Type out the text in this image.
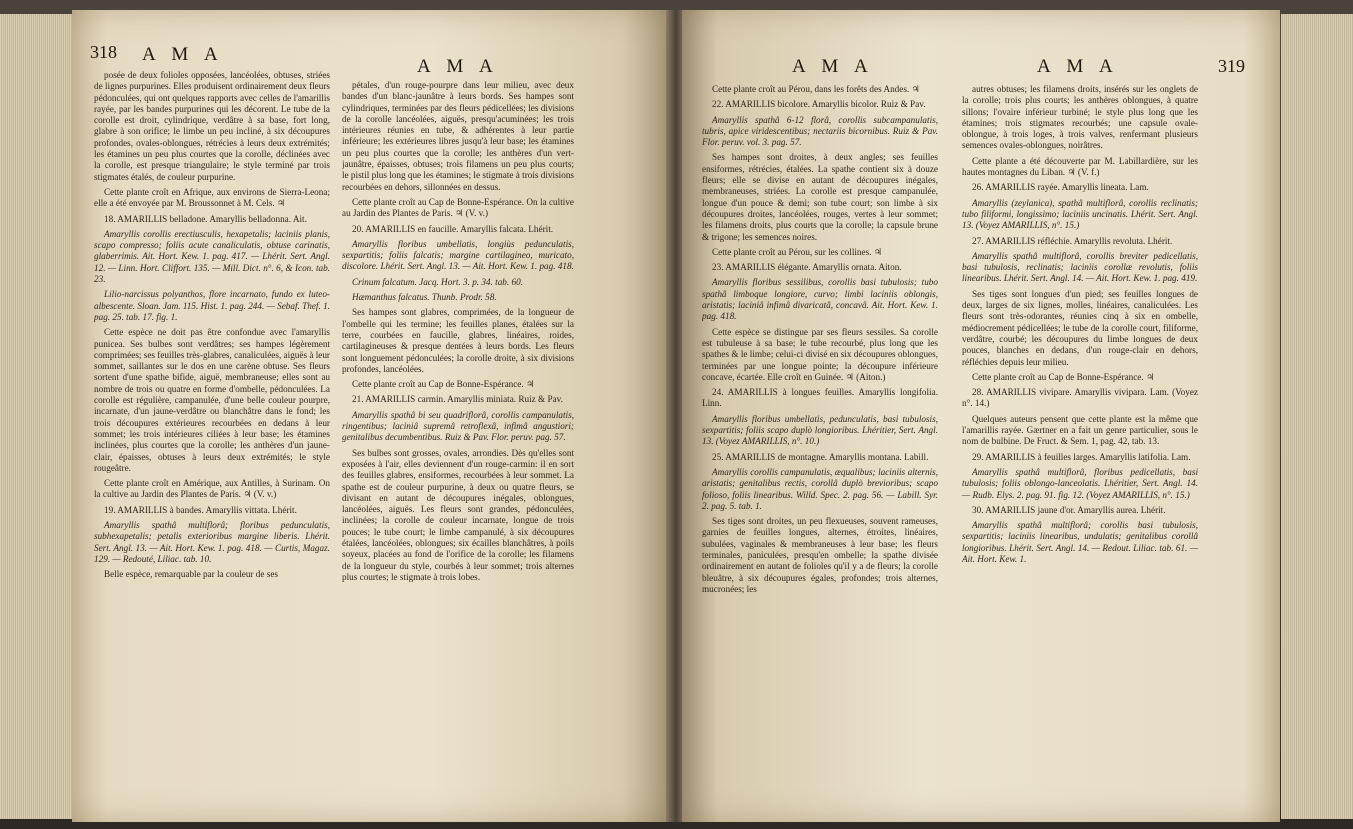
318 A M A
A M A

posée de deux folioles opposées, lancéolées, obtuses, striées de lignes purpurines. Elles produisent ordinairement deux fleurs pédonculées, qui ont quelques rapports avec celles de l'amarillis rayée, par les bandes purpurines qui les décorent. Le tube de la corolle est droit, cylindrique, verdâtre à sa base, fort long, glabre à son orifice; le limbe un peu incliné, à six découpures profondes, ovales-oblongues, rétrécies à leurs deux extrémités; les étamines un peu plus courtes que la corolle, déclinées avec la corolle, est presque triangulaire; le style terminé par trois stigmates étalés, de couleur purpurine.

Cette plante croît en Afrique, aux environs de Sierra-Leona; elle a été envoyée par M. Broussonnet à M. Cels. ♃

18. AMARILLIS belladone. Amaryllis belladonna. Ait.

Amaryllis corollis erectiusculis, hexapetalis; laciniis planis, scapo compresso; foliis acute canaliculatis, obtuse carinatis, glaberrimis. Ait. Hort. Kew. 1. pag. 417. — Lhérit. Sert. Angl. 12. — Linn. Hort. Cliffort. 135. — Mill. Dict. n°. 6, & Icon. tab. 23.

Lilio-narcissus polyanthos, flore incarnato, fundo ex luteo-albescente. Sloan. Jam. 115. Hist. 1. pag. 244. — Sebaf. Thef. 1. pag. 25. tab. 17. fig. 1.

Cette espèce ne doit pas être confondue avec l'amaryllis punicea. Ses bulbes sont verdâtres; ses hampes légèrement comprimées; ses feuilles très-glabres, canaliculées, aiguës à leur sommet, saillantes sur le dos en une carène obtuse. Ses fleurs sortent d'une spathe bifide, aiguë, membraneuse; elles sont au nombre de trois ou quatre en forme d'ombelle, pédonculées. La corolle est régulière, campanulée, d'une belle couleur pourpre, incarnate, d'un jaune-verdâtre ou blanchâtre dans le fond; les trois découpures extérieures recourbées en dedans à leur sommet; les trois intérieures ciliées à leur base; les étamines inclinées, plus courtes que la corolle; les anthères d'un jaune-clair, épaisses, obtuses à leurs deux extrémités; le style rougeâtre.

Cette plante croît en Amérique, aux Antilles, à Surinam. On la cultive au Jardin des Plantes de Paris. ♃ (V. v.)

19. AMARILLIS à bandes. Amaryllis vittata. Lhérit.

Amaryllis spathâ multiflorâ; floribus pedunculatis, subhexapetalis; petalis exterioribus margine liberis. Lhérit. Sert. Angl. 13. — Ait. Hort. Kew. 1. pag. 418. — Curtis, Magaz. 129. — Redouté, Liliac. tab. 10.

Belle espèce, remarquable par la couleur de ses

pétales, d'un rouge-pourpre dans leur milieu, avec deux bandes d'un blanc-jaunâtre à leurs bords. Ses hampes sont cylindriques, terminées par des fleurs pédicellées; les divisions de la corolle lancéolées, aiguës, presqu'acuminées; les trois intérieures réunies en tube, & adhérentes à leur partie inférieure; les extérieures libres jusqu'à leur base; les étamines un peu plus courtes que la corolle; les anthères d'un vert-jaunâtre, épaisses, obtuses; trois filamens un peu plus courts; le pistil plus long que les étamines; le stigmate à trois divisions recourbées en dehors, sillonnées en dessus.

Cette plante croît au Cap de Bonne-Espérance. On la cultive au Jardin des Plantes de Paris. ♃ (V. v.)

20. AMARILLIS en faucille. Amaryllis falcata. Lhérit.

Amaryllis floribus umbellatis, longiùs pedunculatis, sexpartitis; foliis falcatis; margine cartilagineo, muricato, discolore. Lhérit. Sert. Angl. 13. — Ait. Hort. Kew. 1. pag. 418.

Crinum falcatum. Jacq. Hort. 3. p. 34. tab. 60.

Hæmanthus falcatus. Thunb. Prodr. 58.

Ses hampes sont glabres, comprimées, de la longueur de l'ombelle qui les termine; les feuilles planes, étalées sur la terre, courbées en faucille, glabres, linéaires, roides, cartilagineuses & presque dentées à leurs bords. Les fleurs sont longuement pédonculées; la corolle droite, à six divisions profondes, lancéolées.

Cette plante croît au Cap de Bonne-Espérance. ♃

21. AMARILLIS carmin. Amaryllis miniata. Ruiz & Pav.

Amaryllis spathâ bi seu quadriflorâ, corollis campanulatis, ringentibus; laciniâ supremâ retroflexâ, infimâ angustiori; genitalibus decumbentibus. Ruiz & Pav. Flor. peruv. pag. 57.

Ses bulbes sont grosses, ovales, arrondies. Dès qu'elles sont exposées à l'air, elles deviennent d'un rouge-carmin: il en sort des feuilles glabres, ensiformes, recourbées à leur sommet. La spathe est de couleur purpurine, à deux ou quatre fleurs, se divisant en autant de découpures inégales, oblongues, lancéolées, aiguës. Les fleurs sont grandes, pédonculées, inclinées; la corolle de couleur incarnate, longue de trois pouces; le tube court; le limbe campanulé, à six découpures étalées, lancéolées, oblongues; six écailles blanchâtres, à poils soyeux, placées au fond de l'orifice de la corolle; les filamens de la longueur du style, courbés à leur sommet; trois alternes plus courtes; le stigmate à trois lobes.

A M A	A M A	319

Cette plante croît au Pérou, dans les forêts des Andes. ♃

22. AMARILLIS bicolore. Amaryllis bicolor. Ruiz & Pav.

Amaryllis spathâ 6-12 florâ, corollis subcampanulatis, tubris, apice viridescentibus; nectariis bicornibus. Ruiz & Pav. Flor. peruv. vol. 3. pag. 57.

Ses hampes sont droites, à deux angles; ses feuilles ensiformes, rétrécies, étalées. La spathe contient six à douze fleurs; elle se divise en autant de découpures inégales, membraneuses, striées. La corolle est presque campanulée, longue d'un pouce & demi; son tube court; son limbe à six découpures droites, lancéolées, rouges, vertes à leur sommet; les filamens droits, plus courts que la corolle; la capsule brune & trigone; les semences noires.

Cette plante croît au Pérou, sur les collines. ♃

23. AMARILLIS élégante. Amaryllis ornata. Aiton.

Amaryllis floribus sessilibus, corollis basi tubulosis; tubo spathâ limboque longiore, curvo; limbi laciniis oblongis, aristatis; laciniâ infimâ divaricatâ, concavâ. Ait. Hort. Kew. 1. pag. 418.

Cette espèce se distingue par ses fleurs sessiles. Sa corolle est tubuleuse à sa base; le tube recourbé, plus long que les spathes & le limbe; celui-ci divisé en six découpures oblongues, terminées par une longue pointe; la découpure inférieure concave, écartée. Elle croît en Guinée. ♃ (Aiton.)

24. AMARILLIS à longues feuilles. Amaryllis longifolia. Linn.

Amaryllis floribus umbellatis, pedunculatis, basi tubulosis, sexpartitis; foliis scapo duplò longioribus. Lhéritier, Sert. Angl. 13. (Voyez AMARILLIS, n°. 10.)

25. AMARILLIS de montagne. Amaryllis montana. Labill.

Amaryllis corollis campanulatis, æqualibus; laciniis alternis, aristatis; genitalibus rectis, corollâ duplò brevioribus; scapo folioso, foliis linearibus. Willd. Spec. 2. pag. 56. — Labill. Syr. 2. pag. 5. tab. 1.

Ses tiges sont droites, un peu flexueuses, souvent rameuses, garnies de feuilles longues, alternes, étroites, linéaires, subulées, vaginales & membraneuses à leur base; les fleurs terminales, paniculées, presqu'en ombelle; la spathe divisée ordinairement en autant de folioles qu'il y a de fleurs; la corolle bleuâtre, à six découpures égales, profondes; trois alternes, mucronées; les

autres obtuses; les filamens droits, insérés sur les onglets de la corolle; trois plus courts; les anthères oblongues, à quatre sillons; l'ovaire inférieur turbiné; le style plus long que les étamines; trois stigmates recourbés; une capsule ovale-oblongue, à trois loges, à trois valves, renfermant plusieurs semences ovales-oblongues, noirâtres.

Cette plante a été découverte par M. Labillardière, sur les hautes montagnes du Liban. ♃ (V. f.)

26. AMARILLIS rayée. Amaryllis lineata. Lam.

Amaryllis (zeylanica), spathâ multiflorâ, corollis reclinatis; tubo filiformi, longissimo; laciniis uncinatis. Lhérit. Sert. Angl. 13. (Voyez AMARILLIS, n°. 15.)

27. AMARILLIS réfléchie. Amaryllis revoluta. Lhérit.

Amaryllis spathâ multiflorâ, corollis breviter pedicellatis, basi tubulosis, reclinatis; laciniis corollæ revolutis, foliis linearibus. Lhérit. Sert. Angl. 14. — Ait. Hort. Kew. 1. pag. 419.

Ses tiges sont longues d'un pied; ses feuilles longues de deux, larges de six lignes, molles, linéaires, canaliculées. Les fleurs sont très-odorantes, réunies cinq à six en ombelle, médiocrement pédicellées; le tube de la corolle court, filiforme, verdâtre, courbé; les découpures du limbe longues de deux pouces, blanches en dedans, d'un rouge-clair en dehors, réfléchies depuis leur milieu.

Cette plante croît au Cap de Bonne-Espérance. ♃

28. AMARILLIS vivipare. Amaryllis vivipara. Lam. (Voyez n°. 14.)

Quelques auteurs pensent que cette plante est la même que l'amarillis rayée. Gærtner en a fait un genre particulier, sous le nom de bulbine. De Fruct. & Sem. 1, pag. 42, tab. 13.

29. AMARILLIS à feuilles larges. Amaryllis latifolia. Lam.

Amaryllis spathâ multiflorâ, floribus pedicellatis, basi tubulosis; foliis oblongo-lanceolatis. Lhéritier, Sert. Angl. 14. — Rudb. Elys. 2. pag. 91. fig. 12. (Voyez AMARILLIS, n°. 15.)

30. AMARILLIS jaune d'or. Amaryllis aurea. Lhérit.

Amaryllis spathâ multiflorâ; corollis basi tubulosis, sexpartitis; laciniis linearibus, undulatis; genitalibus corollâ longioribus. Lhérit. Sert. Angl. 14. — Redout. Liliac. tab. 61. — Ait. Hort. Kew. 1.
